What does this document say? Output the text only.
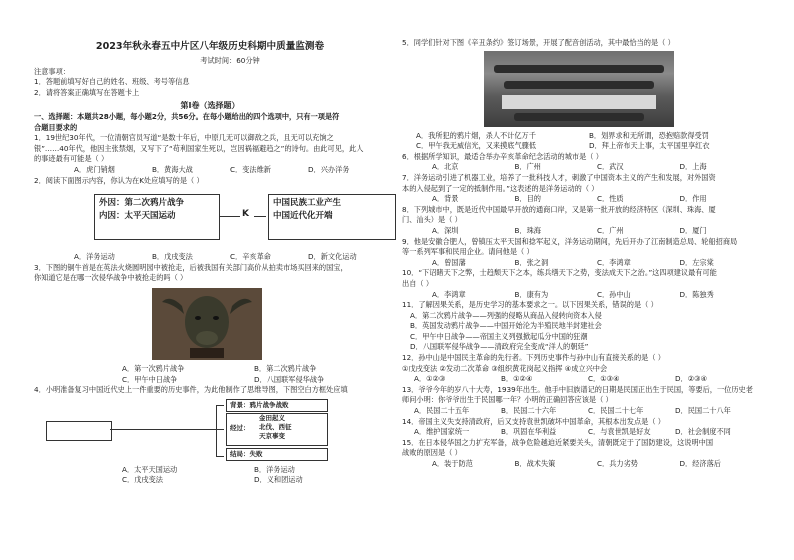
2023年秋永春五中片区八年级历史科期中质量监测卷
考试时间：60分钟
注意事项：
1．答题前填写好自己的姓名、班级、考号等信息
2．请将答案正确填写在答题卡上
第Ⅰ卷（选择题）
一、选择题：本题共28小题，每小题2分，共56分。在每小题给出的四个选项中，只有一项是符
合题目要求的
1．19世纪30年代，一位清朝官员写道“是数十年后，中原几无可以御敌之兵，且无可以充饷之
银”……40年代，他因主张禁烟，又写下了“苟利国家生死以，岂因祸福避趋之”的诗句。由此可见，此人
的事迹最有可能是（ ）
A．虎门销烟	B．黄海大战	C．变法维新	D．兴办洋务
2．阅读下面图示内容，你认为在K处应填写的是（ ）
外因：第二次鸦片战争
内因：太平天国运动	K
中国民族工业产生
中国近代化开端
A．洋务运动	B．戊戌变法	C．辛亥革命	D．新文化运动
3．下图的铜牛首是在英法火烧圆明园中被抢走，后被我国有关部门高价从拍卖市场买回来的国宝，
你知道它是在哪一次侵华战争中被抢走的吗（ ）
A．第一次鸦片战争	B．第二次鸦片战争
C．甲午中日战争	D．八国联军侵华战争
4．小明准备复习中国近代史上一件重要的历史事件，为此他制作了思维导图，下图空白方框处应填
背景：鸦片战争战败
经过：
金田起义
北伐、西征
天京事变
结局：失败
A．太平天国运动	B．洋务运动
C．戊戌变法	D．义和团运动
5．同学们针对下图《辛丑条约》签订场景，开展了配音创活动，其中最恰当的是（ ）
A．我所犯的鸦片烟，杀人不计亿万千	B．划界求和无所谓，恐抱赔款得受罚
C．甲午我无威信光，又来摸底气骤低	D．拜上帝布天上事，太平国里享红衣
6．根据所学知识，最适合举办辛亥革命纪念活动的城市是（ ）
A．北京	B．广州	C．武汉	D．上海
7．洋务运动引进了机器工业，培养了一批科技人才，刺激了中国资本主义的产生和发展，对外国资
本的入侵起到了一定的抵制作用。”这表述的是洋务运动的（ ）
A．背景	B．目的	C．性质	D．作用
8．下列城市中，既是近代中国最早开放的通商口岸，又是第一批开放的经济特区（深圳、珠海、厦
门、汕头）是（ ）
A．深圳	B．珠海	C．广州	D．厦门
9．他是安徽合肥人，曾镇压太平天国和捻军起义，洋务运动期间，先后开办了江南制造总局、轮船招商局
等一系列军事和民用企业。请问他是（ ）
A．曾国藩	B．张之洞	C．李鸿章	D．左宗棠
10．“下诏睹天下之弊，士趋颓天下之本，练兵缮天下之势，变法成天下之治。”这四项建议最有可能
出自（ ）
A．李鸿章	B．康有为	C．孙中山	D．陈独秀
11．了解因果关系，是历史学习的基本要求之一。以下因果关系，错误的是（ ）
A．第二次鸦片战争——列强的侵略从商品入侵转向资本入侵
B．英国发动鸦片战争——中国开始沦为半殖民地半封建社会
C．甲午中日战争——帝国主义列强掀起瓜分中国的狂潮
D．八国联军侵华战争——清政府完全变成“洋人的朝廷”
12．孙中山是中国民主革命的先行者。下列历史事件与孙中山有直接关系的是（ ）
①戊戌变法 ②发动二次革命 ③组织黄花岗起义指挥 ④成立兴中会
A．①②③	B．①②④	C．①③④	D．②③④
13．爷爷今年的岁八十大寿，1939年出生。他手中旧族谱记的日期是民国正出生于民国，等要后，一位历史老
师问小明：你爷爷出生于民国哪一年？小明的正确回答应该是（ ）
A．民国二十五年	B．民国二十六年	C．民国二十七年	D．民国二十八年
14．帝国主义失支持清政府，后又支持袁世凯破坏中国革命，其根本出发点是（ ）
A．维护国家统一	B．巩固在华利益	C．与袁世凯是好友	D．社会制度不同
15．在日本侵华国之力扩充军备，战争危险越迫近紧要关头，清朝既定于了国防建设，这说明中国
战败的原因是（ ）
A．装于防范	B．战术失策	C．兵力劣势	D．经济落后
